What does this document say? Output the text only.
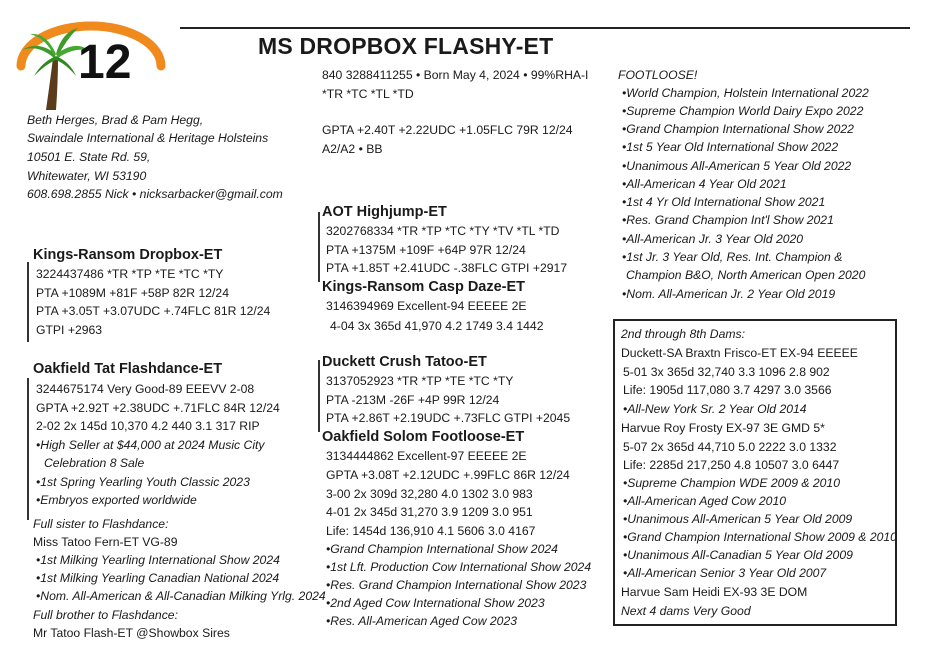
12	MS DROPBOX FLASHY-ET
Beth Herges, Brad & Pam Hegg,
Swaindale International & Heritage Holsteins
10501 E. State Rd. 59,
Whitewater, WI 53190
608.698.2855 Nick • nicksarbacker@gmail.com
840 3288411255 • Born May 4, 2024 • 99%RHA-I
*TR *TC *TL *TD
GPTA +2.40T +2.22UDC +1.05FLC 79R 12/24
A2/A2 • BB
Kings-Ransom Dropbox-ET
3224437486 *TR *TP *TE *TC *TY
PTA +1089M +81F +58P 82R 12/24
PTA +3.05T +3.07UDC +.74FLC 81R 12/24
GTPI +2963
Oakfield Tat Flashdance-ET
3244675174 Very Good-89 EEEVV 2-08
GPTA +2.92T +2.38UDC +.71FLC 84R 12/24
2-02 2x 145d 10,370 4.2 440 3.1 317 RIP
•High Seller at $44,000 at 2024 Music City
Celebration 8 Sale
•1st Spring Yearling Youth Classic 2023
•Embryos exported worldwide
Full sister to Flashdance:
Miss Tatoo Fern-ET VG-89
•1st Milking Yearling International Show 2024
•1st Milking Yearling Canadian National 2024
•Nom. All-American & All-Canadian Milking Yrlg. 2024
Full brother to Flashdance:
Mr Tatoo Flash-ET @Showbox Sires
AOT Highjump-ET
3202768334 *TR *TP *TC *TY *TV *TL *TD
PTA +1375M +109F +64P 97R 12/24
PTA +1.85T +2.41UDC -.38FLC GTPI +2917
Kings-Ransom Casp Daze-ET
3146394969 Excellent-94 EEEEE 2E
4-04 3x 365d 41,970 4.2 1749 3.4 1442
Duckett Crush Tatoo-ET
3137052923 *TR *TP *TE *TC *TY
PTA -213M -26F +4P 99R 12/24
PTA +2.86T +2.19UDC +.73FLC GTPI +2045
Oakfield Solom Footloose-ET
3134444862 Excellent-97 EEEEE 2E
GPTA +3.08T +2.12UDC +.99FLC 86R 12/24
3-00 2x 309d 32,280 4.0 1302 3.0 983
4-01 2x 345d 31,270 3.9 1209 3.0 951
Life: 1454d 136,910 4.1 5606 3.0 4167
•Grand Champion International Show 2024
•1st Lft. Production Cow International Show 2024
•Res. Grand Champion International Show 2023
•2nd Aged Cow International Show 2023
•Res. All-American Aged Cow 2023
FOOTLOOSE!
•World Champion, Holstein International 2022
•Supreme Champion World Dairy Expo 2022
•Grand Champion International Show 2022
•1st 5 Year Old International Show 2022
•Unanimous All-American 5 Year Old 2022
•All-American 4 Year Old 2021
•1st 4 Yr Old International Show 2021
•Res. Grand Champion Int'l Show 2021
•All-American Jr. 3 Year Old 2020
•1st Jr. 3 Year Old, Res. Int. Champion &
Champion B&O, North American Open 2020
•Nom. All-American Jr. 2 Year Old 2019
2nd through 8th Dams:
Duckett-SA Braxtn Frisco-ET EX-94 EEEEE
5-01 3x 365d 32,740 3.3 1096 2.8 902
Life: 1905d 117,080 3.7 4297 3.0 3566
•All-New York Sr. 2 Year Old 2014
Harvue Roy Frosty EX-97 3E GMD 5*
5-07 2x 365d 44,710 5.0 2222 3.0 1332
Life: 2285d 217,250 4.8 10507 3.0 6447
•Supreme Champion WDE 2009 & 2010
•All-American Aged Cow 2010
•Unanimous All-American 5 Year Old 2009
•Grand Champion International Show 2009 & 2010
•Unanimous All-Canadian 5 Year Old 2009
•All-American Senior 3 Year Old 2007
Harvue Sam Heidi EX-93 3E DOM
Next 4 dams Very Good
